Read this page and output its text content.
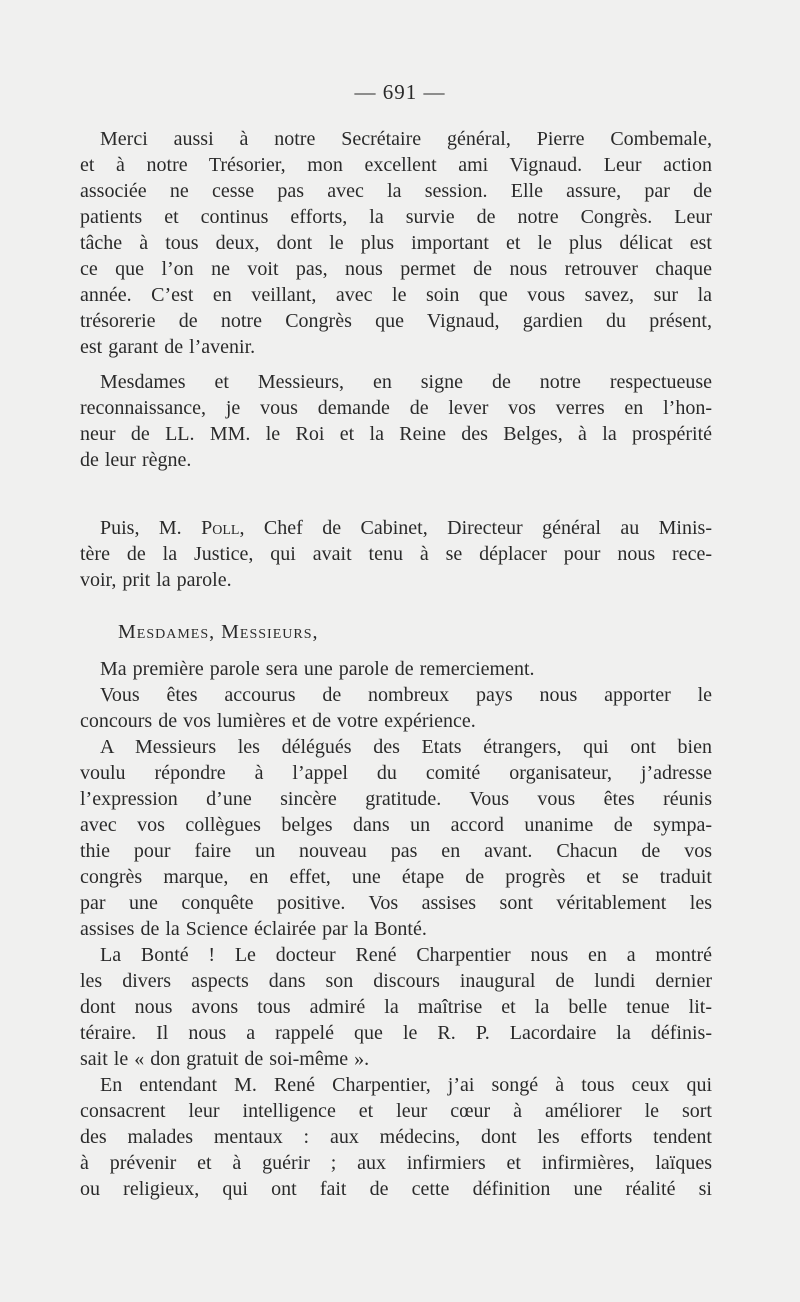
— 691 —
Merci aussi à notre Secrétaire général, Pierre Combemale,
et à notre Trésorier, mon excellent ami Vignaud. Leur action
associée ne cesse pas avec la session. Elle assure, par de
patients et continus efforts, la survie de notre Congrès. Leur
tâche à tous deux, dont le plus important et le plus délicat est
ce que l’on ne voit pas, nous permet de nous retrouver chaque
année. C’est en veillant, avec le soin que vous savez, sur la
trésorerie de notre Congrès que Vignaud, gardien du présent,
est garant de l’avenir.
Mesdames et Messieurs, en signe de notre respectueuse
reconnaissance, je vous demande de lever vos verres en l’hon-
neur de LL. MM. le Roi et la Reine des Belges, à la prospérité
de leur règne.
Puis, M. Poll, Chef de Cabinet, Directeur général au Minis-
tère de la Justice, qui avait tenu à se déplacer pour nous rece-
voir, prit la parole.
Mesdames, Messieurs,
Ma première parole sera une parole de remerciement.
Vous êtes accourus de nombreux pays nous apporter le
concours de vos lumières et de votre expérience.
A Messieurs les délégués des Etats étrangers, qui ont bien
voulu répondre à l’appel du comité organisateur, j’adresse
l’expression d’une sincère gratitude. Vous vous êtes réunis
avec vos collègues belges dans un accord unanime de sympa-
thie pour faire un nouveau pas en avant. Chacun de vos
congrès marque, en effet, une étape de progrès et se traduit
par une conquête positive. Vos assises sont véritablement les
assises de la Science éclairée par la Bonté.
La Bonté ! Le docteur René Charpentier nous en a montré
les divers aspects dans son discours inaugural de lundi dernier
dont nous avons tous admiré la maîtrise et la belle tenue lit-
téraire. Il nous a rappelé que le R. P. Lacordaire la définis-
sait le « don gratuit de soi-même ».
En entendant M. René Charpentier, j’ai songé à tous ceux qui
consacrent leur intelligence et leur cœur à améliorer le sort
des malades mentaux : aux médecins, dont les efforts tendent
à prévenir et à guérir ; aux infirmiers et infirmières, laïques
ou religieux, qui ont fait de cette définition une réalité si
